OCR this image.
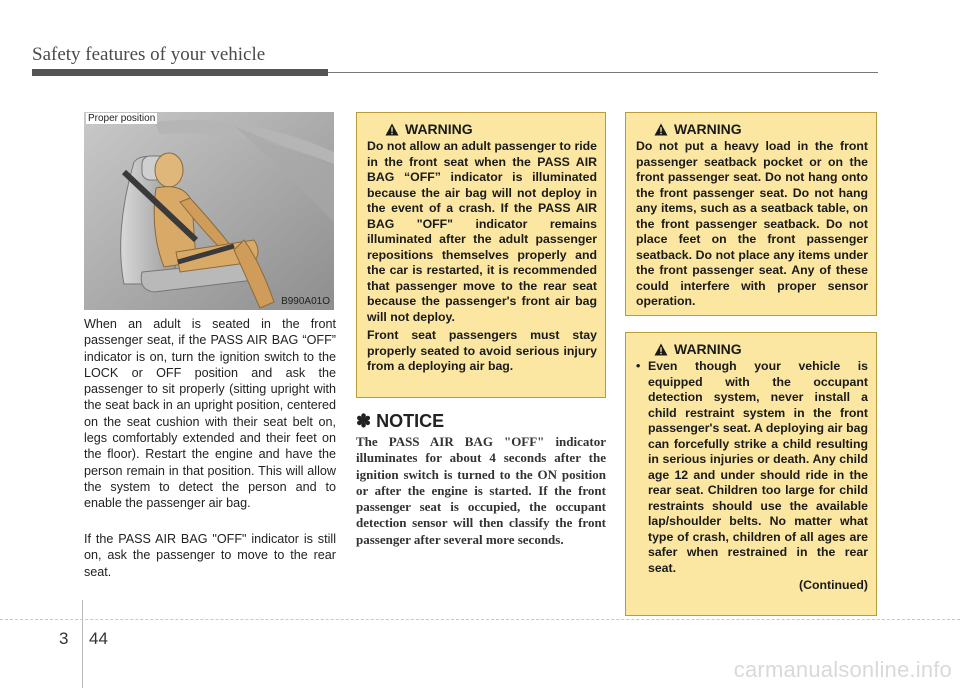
Safety features of your vehicle
B990A01O
Proper position
When an adult is seated in the front passenger seat, if the PASS AIR BAG “OFF” indicator is on, turn the ignition switch to the LOCK or OFF position and ask the passenger to sit properly (sitting upright with the seat back in an upright position, centered on the seat cushion with their seat belt on, legs comfortably extended and their feet on the floor). Restart the engine and have the person remain in that position. This will allow the system to detect the person and to enable the passenger air bag.
If the PASS AIR BAG "OFF" indicator is still on, ask the passenger to move to the rear seat.
WARNING

Do not allow an adult passenger to ride in the front seat when the PASS AIR BAG “OFF” indicator is illuminated because the air bag will not deploy in the event of a crash. If the PASS AIR BAG "OFF" indicator remains illuminated after the adult passenger repositions themselves properly and the car is restarted, it is recommended that passenger move to the rear seat because the passenger's front air bag will not deploy.

Front seat passengers must stay properly seated to avoid serious injury from a deploying air bag.

✽ NOTICE
The PASS AIR BAG "OFF" indicator illuminates for about 4 seconds after the ignition switch is turned to the ON position or after the engine is started. If the front passenger seat is occupied, the occupant detection sensor will then classify the front passenger after several more seconds.
WARNING

Do not put a heavy load in the front passenger seatback pocket or on the front passenger seat. Do not hang onto the front passenger seat. Do not hang any items, such as a seatback table, on the front passenger seatback. Do not place feet on the front passenger seatback. Do not place any items under the front passenger seat. Any of these could interfere with proper sensor operation.

WARNING
• Even though your vehicle is equipped with the occupant detection system, never install a child restraint system in the front passenger's seat. A deploying air bag can forcefully strike a child resulting in serious injuries or death. Any child age 12 and under should ride in the rear seat. Children too large for child restraints should use the available lap/shoulder belts. No matter what type of crash, children of all ages are safer when restrained in the rear seat.
(Continued)
3 44
carmanualsonline.info
